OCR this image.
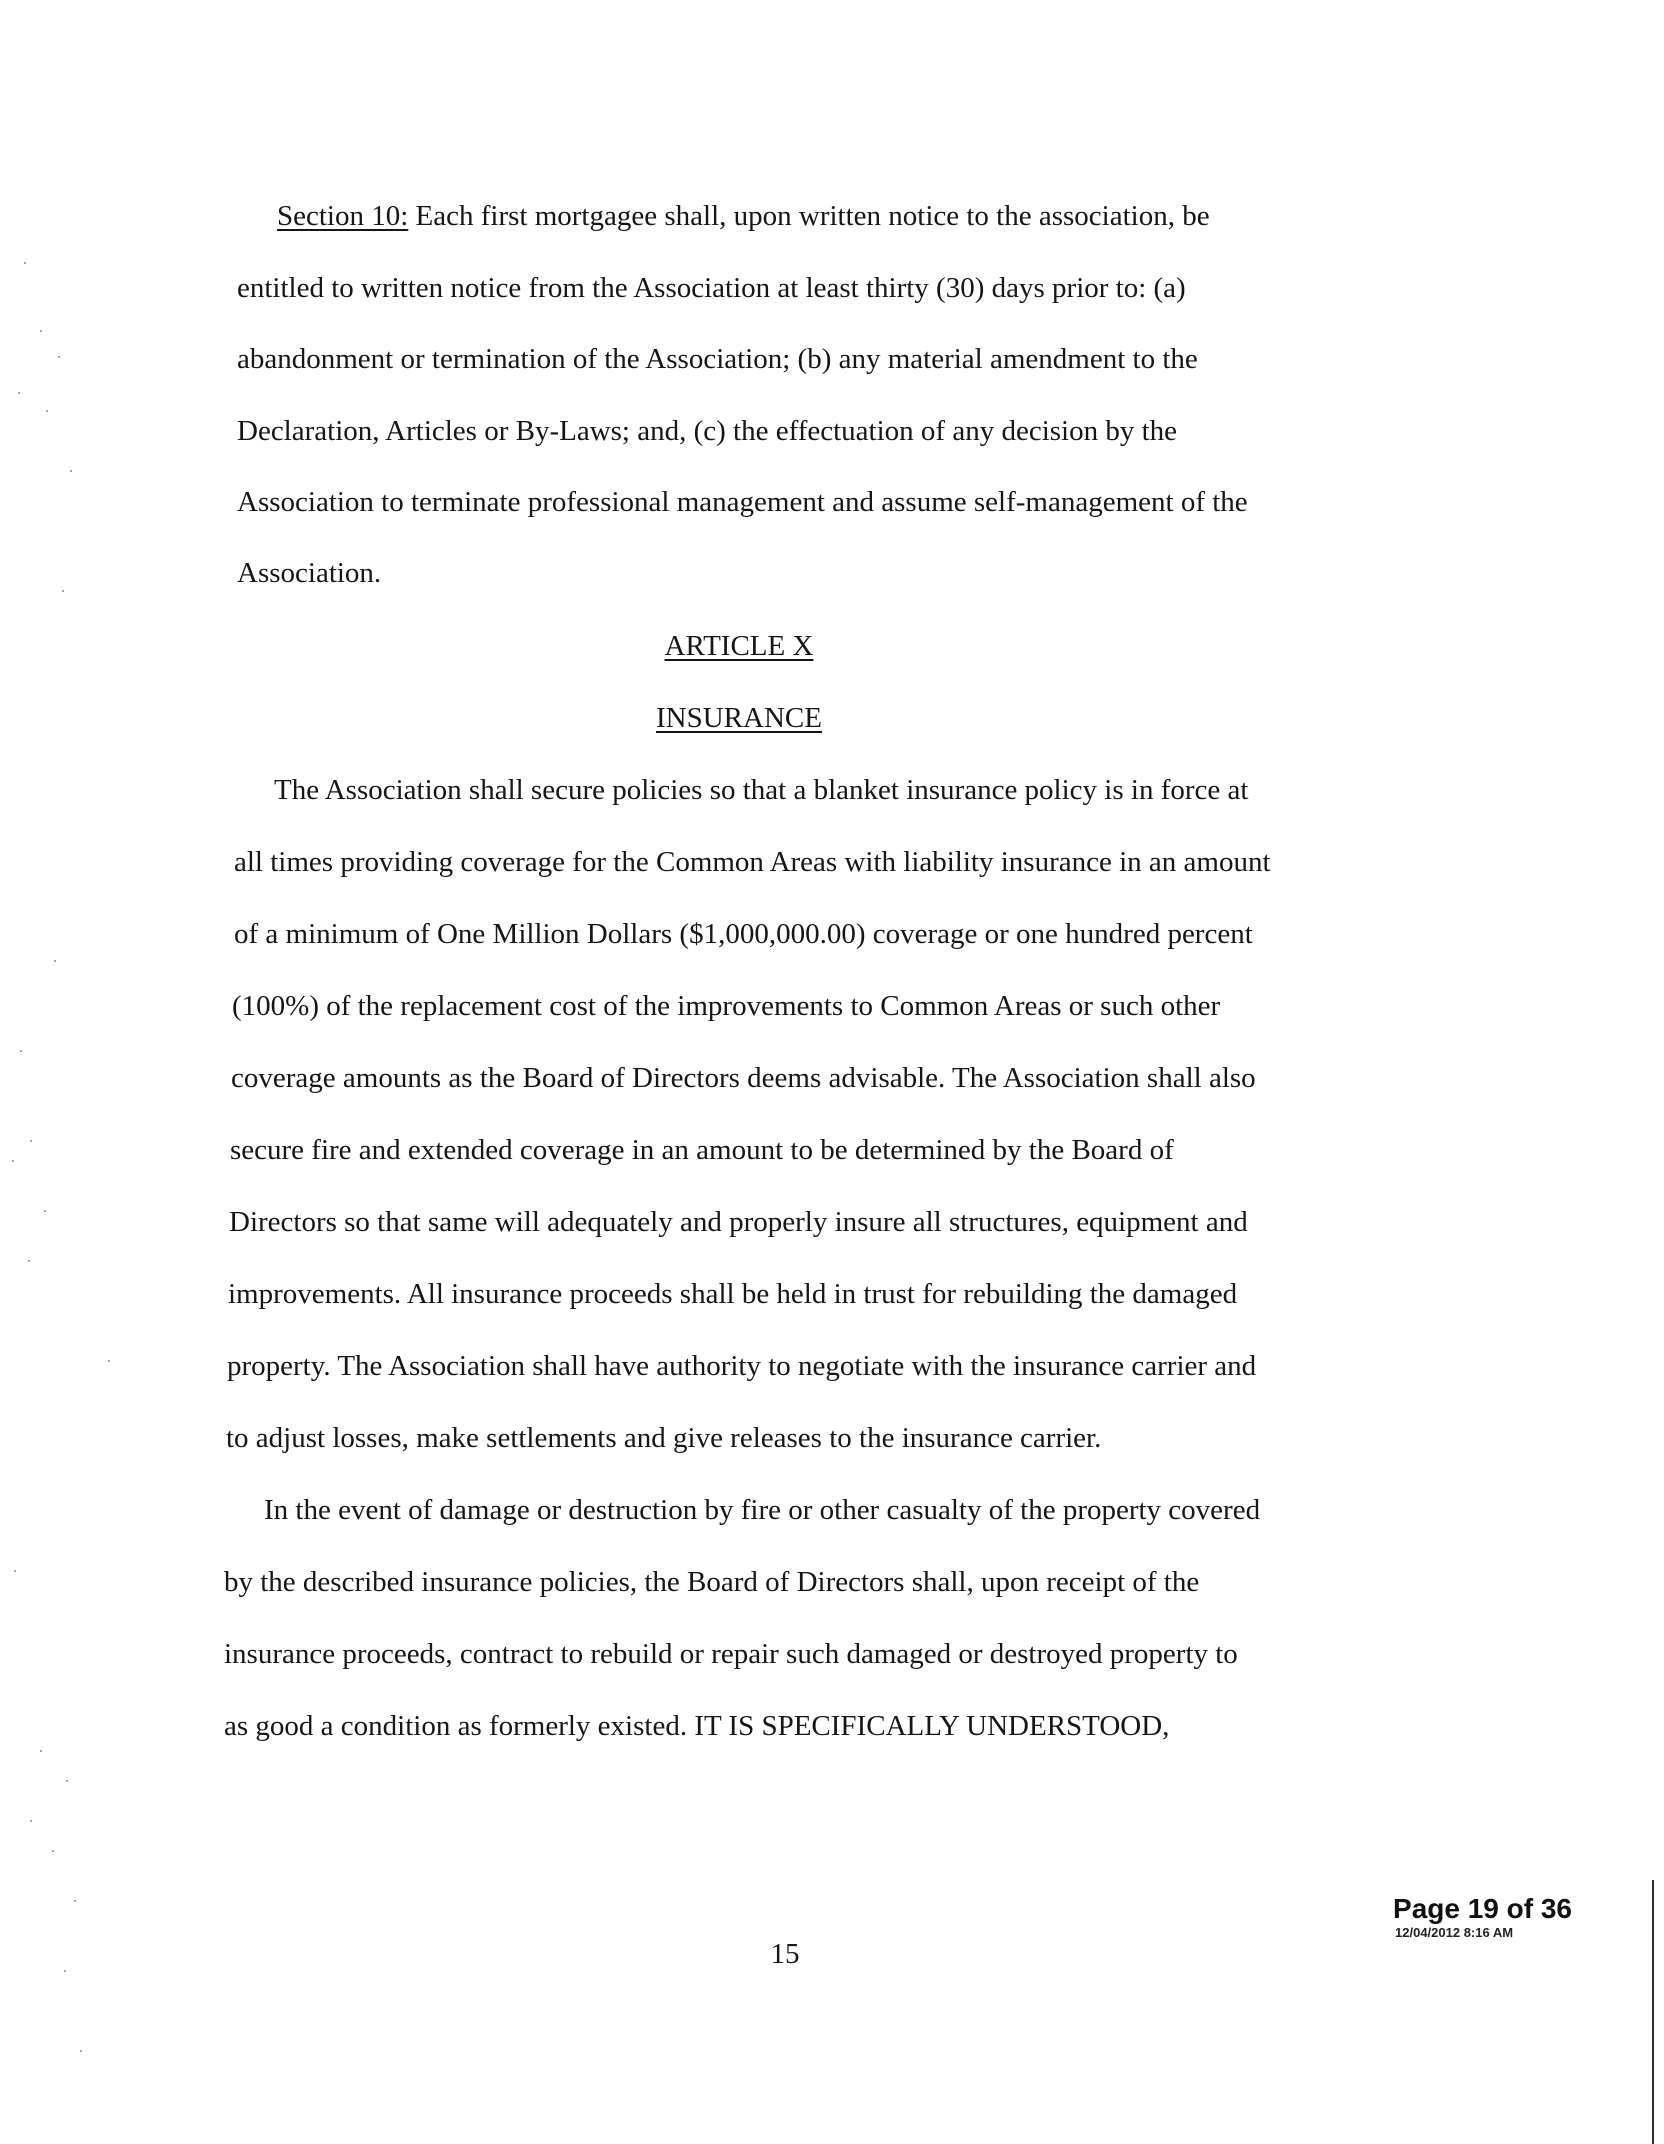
Section 10: Each first mortgagee shall, upon written notice to the association, be
entitled to written notice from the Association at least thirty (30) days prior to: (a)
abandonment or termination of the Association; (b) any material amendment to the
Declaration, Articles or By-Laws; and, (c) the effectuation of any decision by the
Association to terminate professional management and assume self-management of the
Association.
ARTICLE X
INSURANCE
The Association shall secure policies so that a blanket insurance policy is in force at
all times providing coverage for the Common Areas with liability insurance in an amount
of a minimum of One Million Dollars ($1,000,000.00) coverage or one hundred percent
(100%) of the replacement cost of the improvements to Common Areas or such other
coverage amounts as the Board of Directors deems advisable. The Association shall also
secure fire and extended coverage in an amount to be determined by the Board of
Directors so that same will adequately and properly insure all structures, equipment and
improvements. All insurance proceeds shall be held in trust for rebuilding the damaged
property. The Association shall have authority to negotiate with the insurance carrier and
to adjust losses, make settlements and give releases to the insurance carrier.
In the event of damage or destruction by fire or other casualty of the property covered
by the described insurance policies, the Board of Directors shall, upon receipt of the
insurance proceeds, contract to rebuild or repair such damaged or destroyed property to
as good a condition as formerly existed. IT IS SPECIFICALLY UNDERSTOOD,
15
Page 19 of 36
12/04/2012 8:16 AM
